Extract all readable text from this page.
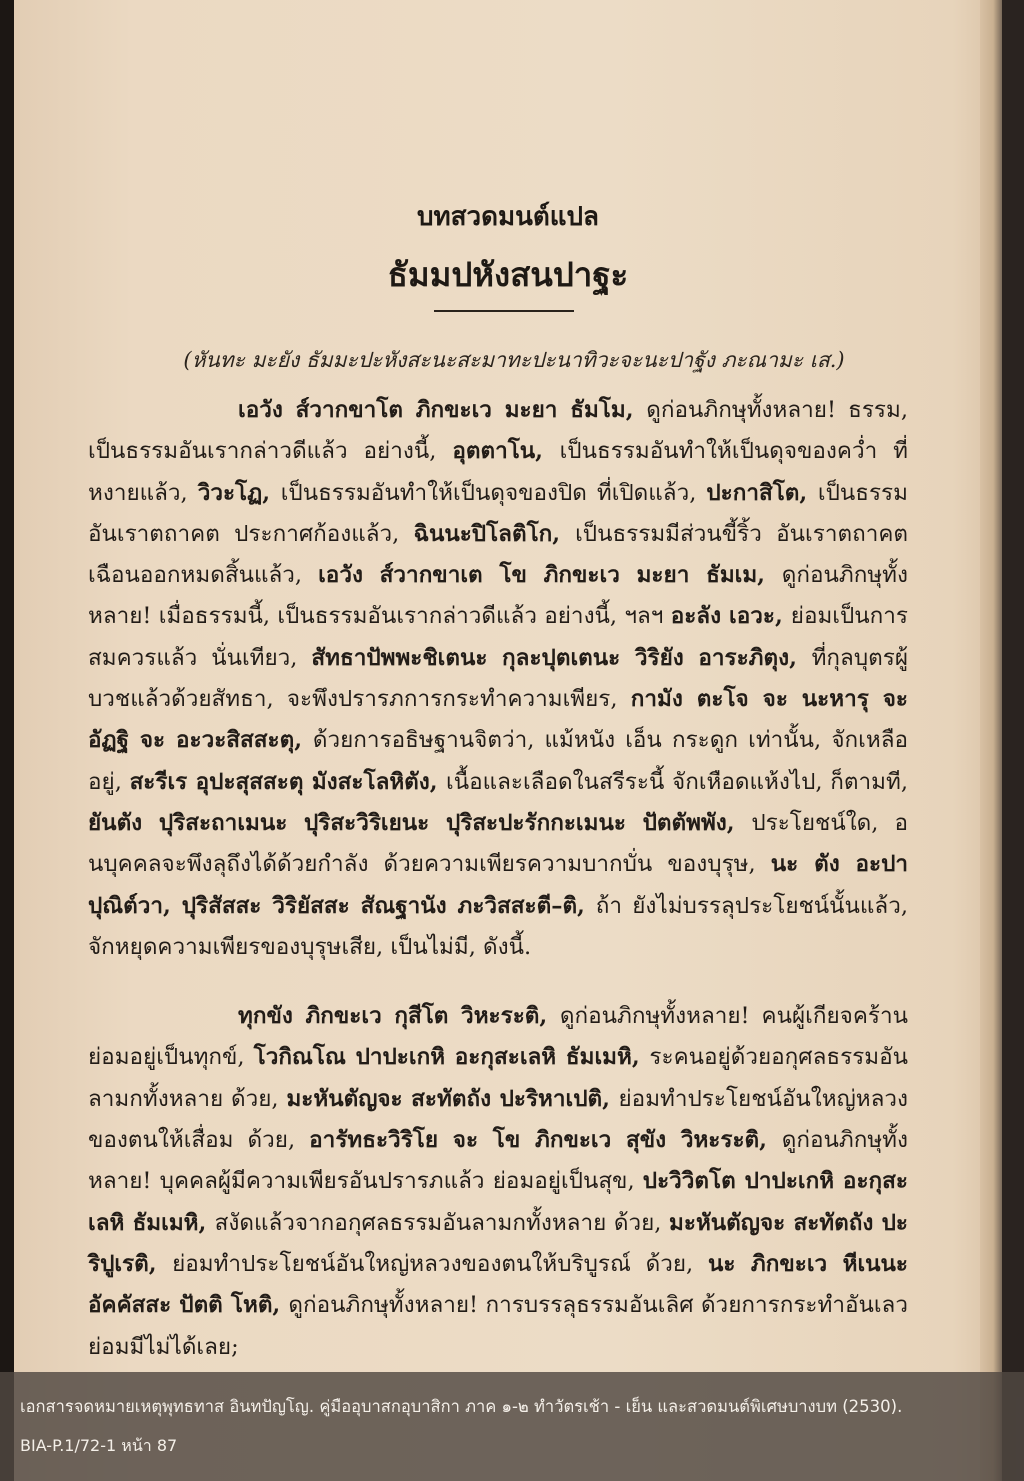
บทสวดมนต์แปล
ธัมมปหังสนปาฐะ
(หันทะ มะยัง ธัมมะปะหังสะนะสะมาทะปะนาทิวะจะนะปาฐัง ภะณามะ เส.)

เอวัง ส์วากขาโต ภิกขะเว มะยา ธัมโม, ดูก่อนภิกษุทั้งหลาย! ธรรม, เป็นธรรมอันเรากล่าวดีแล้ว อย่างนี้, อุตตาโน, เป็นธรรมอันทำให้เป็นดุจของคว่ำ ที่หงายแล้ว, วิวะโฏ, เป็นธรรมอันทำให้เป็นดุจของปิด ที่เปิดแล้ว, ปะกาสิโต, เป็นธรรมอันเราตถาคต ประกาศก้องแล้ว, ฉินนะปิโลติโก, เป็นธรรมมีส่วนขี้ริ้ว อันเราตถาคตเฉือนออกหมดสิ้นแล้ว, เอวัง ส์วากขาเต โข ภิกขะเว มะยา ธัมเม, ดูก่อนภิกษุทั้งหลาย! เมื่อธรรมนี้, เป็นธรรมอันเรากล่าวดีแล้ว อย่างนี้, ฯลฯ อะลัง เอวะ, ย่อมเป็นการสมควรแล้ว นั่นเทียว, สัทธาปัพพะชิเตนะ กุละปุตเตนะ วิริยัง อาระภิตุง, ที่กุลบุตรผู้บวชแล้วด้วยสัทธา, จะพึงปรารภการกระทำความเพียร, กามัง ตะโจ จะ นะหารุ จะ อัฏฐิ จะ อะวะสิสสะตุ, ด้วยการอธิษฐานจิตว่า, แม้หนัง เอ็น กระดูก เท่านั้น, จักเหลืออยู่, สะรีเร อุปะสุสสะตุ มังสะโลหิตัง, เนื้อและเลือดในสรีระนี้ จักเหือดแห้งไป, ก็ตามที, ยันตัง ปุริสะถาเมนะ ปุริสะวิริเยนะ ปุริสะปะรักกะเมนะ ปัตตัพพัง, ประโยชน์ใด, อนบุคคลจะพึงลุถึงได้ด้วยกำลัง ด้วยความเพียรความบากบั่น ของบุรุษ, นะ ตัง อะปาปุณิต์วา, ปุริสัสสะ วิริยัสสะ สัณฐานัง ภะวิสสะตี–ติ, ถ้า ยังไม่บรรลุประโยชน์นั้นแล้ว, จักหยุดความเพียรของบุรุษเสีย, เป็นไม่มี, ดังนี้.

ทุกขัง ภิกขะเว กุสีโต วิหะระติ, ดูก่อนภิกษุทั้งหลาย! คนผู้เกียจคร้าน ย่อมอยู่เป็นทุกข์, โวกิณโณ ปาปะเกหิ อะกุสะเลหิ ธัมเมหิ, ระคนอยู่ด้วยอกุศลธรรมอันลามกทั้งหลาย ด้วย, มะหันตัญจะ สะทัตถัง ปะริหาเปติ, ย่อมทำประโยชน์อันใหญ่หลวงของตนให้เสื่อม ด้วย, อารัทธะวิริโย จะ โข ภิกขะเว สุขัง วิหะระติ, ดูก่อนภิกษุทั้งหลาย! บุคคลผู้มีความเพียรอันปรารภแล้ว ย่อมอยู่เป็นสุข, ปะวิวิตโต ปาปะเกหิ อะกุสะเลหิ ธัมเมหิ, สงัดแล้วจากอกุศลธรรมอันลามกทั้งหลาย ด้วย, มะหันตัญจะ สะทัตถัง ปะริปูเรติ, ย่อมทำประโยชน์อันใหญ่หลวงของตนให้บริบูรณ์ ด้วย, นะ ภิกขะเว หีเนนะ อัคคัสสะ ปัตติ โหติ, ดูก่อนภิกษุทั้งหลาย! การบรรลุธรรมอันเลิศ ด้วยการกระทำอันเลว ย่อมมีไม่ได้เลย;

เอกสารจดหมายเหตุพุทธทาส อินทปัญโญ. คู่มืออุบาสกอุบาสิกา ภาค ๑-๒ ทำวัตรเช้า - เย็น และสวดมนต์พิเศษบางบท (2530).
BIA-P.1/72-1 หน้า 87
